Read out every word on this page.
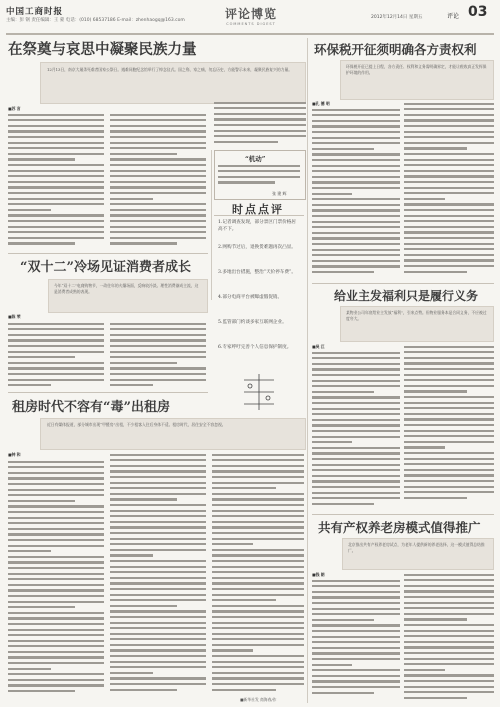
中国工商时报
主编：彭 钢 责任编辑：王 蒙 电话：(010) 68537186 E-mail：zhenhaogq@163.com	评论博览
COMMENTS DIGEST
2012年12月14日 星期五	评论 03
在祭奠与哀思中凝聚民族力量
12月13日，南京大屠杀死难者国家公祭日。遇难同胞纪念馆举行了悼念仪式。国之殇，家之痛，勿忘历史，方能警示未来，凝聚民族复兴的力量。
■苏 言
“机动”
张 建 辉
时点点评
1.记者调查发现，部分景区门票价格居高不下。
2.网购节过后，退换货难题再次凸显。
3.多地出台措施，整治“天价停车费”。
4.部分电商平台被曝虚假促销。
5.监管部门约谈多家互联网企业。
6.专家呼吁完善个人信息保护制度。
“双十二”冷场见证消费者成长
今年“双十二”电商购物节，一改往年的火爆场面，反响较冷淡。理性消费渐成主流，这是消费者成熟的表现。
■陈 荣
租房时代不容有“毒”出租房
近日有媒体报道，部分城市出现“甲醛房”出租，不少租客入住后身体不适。租房时代，居住安全不容忽视。
■钟 和
■新华社发 商海春/作
环保税开征须明确各方责权利
环保税开征已提上日程，各方责任、权利和义务需明确界定，才能让税收真正发挥保护环境的作用。
■孔 德 明
给业主发福利只是履行义务
某物业公司年底给业主发放“福利”，引来点赞。但物业服务本是合同义务，不应被过度夸大。
■吴 江
共有产权养老房模式值得推广
北京推出共有产权养老房试点，为老年人提供新的养老选择，这一模式值得总结推广。
■钱 朗
